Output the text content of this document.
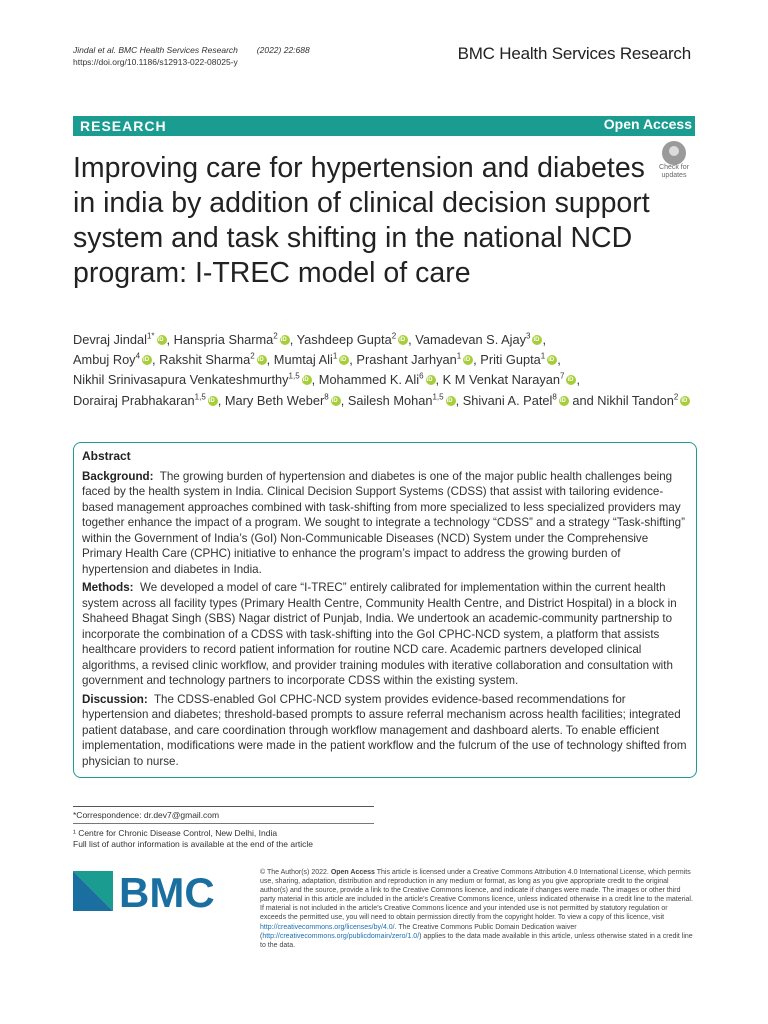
Jindal et al. BMC Health Services Research (2022) 22:688
https://doi.org/10.1186/s12913-022-08025-y	BMC Health Services Research
RESEARCH	Open Access
Improving care for hypertension and diabetes in india by addition of clinical decision support system and task shifting in the national NCD program: I-TREC model of care
Check for
updates
Devraj Jindal$^{1*}$ iD , Hanspria Sharma$^2$ iD , Yashdeep Gupta$^2$ iD , Vamadevan S. Ajay$^3$ iD ,
Ambuj Roy$^4$ iD , Rakshit Sharma$^2$ iD , Mumtaj Ali$^1$ iD , Prashant Jarhyan$^1$ iD , Priti Gupta$^1$ iD ,
Nikhil Srinivasapura Venkateshmurthy$^{1,5}$ iD , Mohammed K. Ali$^6$ iD , K M Venkat Narayan$^7$ iD ,
Dorairaj Prabhakaran$^{1,5}$ iD , Mary Beth Weber$^8$ iD , Sailesh Mohan$^{1,5}$ iD , Shivani A. Patel$^8$iD and Nikhil Tandon$^2$iD
Abstract

Background: The growing burden of hypertension and diabetes is one of the major public health challenges being faced by the health system in India. Clinical Decision Support Systems (CDSS) that assist with tailoring evidence-based management approaches combined with task-shifting from more specialized to less specialized providers may together enhance the impact of a program. We sought to integrate a technology “CDSS” and a strategy “Task-shifting” within the Government of India’s (GoI) Non-Communicable Diseases (NCD) System under the Comprehensive Primary Health Care (CPHC) initiative to enhance the program’s impact to address the growing burden of hypertension and diabetes in India.

Methods: We developed a model of care “I-TREC” entirely calibrated for implementation within the current health system across all facility types (Primary Health Centre, Community Health Centre, and District Hospital) in a block in Shaheed Bhagat Singh (SBS) Nagar district of Punjab, India. We undertook an academic-community partnership to incorporate the combination of a CDSS with task-shifting into the GoI CPHC-NCD system, a platform that assists healthcare providers to record patient information for routine NCD care. Academic partners developed clinical algorithms, a revised clinic workflow, and provider training modules with iterative collaboration and consultation with government and technology partners to incorporate CDSS within the existing system.

Discussion: The CDSS-enabled GoI CPHC-NCD system provides evidence-based recommendations for hypertension and diabetes; threshold-based prompts to assure referral mechanism across health facilities; integrated patient database, and care coordination through workflow management and dashboard alerts. To enable efficient implementation, modifications were made in the patient workflow and the fulcrum of the use of technology shifted from physician to nurse.

*Correspondence: dr.dev7@gmail.com
¹ Centre for Chronic Disease Control, New Delhi, India
Full list of author information is available at the end of the article
BMC	© The Author(s) 2022. Open Access This article is licensed under a Creative Commons Attribution 4.0 International License, which permits use, sharing, adaptation, distribution and reproduction in any medium or format, as long as you give appropriate credit to the original author(s) and the source, provide a link to the Creative Commons licence, and indicate if changes were made. The images or other third party material in this article are included in the article’s Creative Commons licence, unless indicated otherwise in a credit line to the material. If material is not included in the article’s Creative Commons licence and your intended use is not permitted by statutory regulation or exceeds the permitted use, you will need to obtain permission directly from the copyright holder. To view a copy of this licence, visit http://creativecommons.org/licenses/by/4.0/. The Creative Commons Public Domain Dedication waiver (http://creativecommons.org/publicdomain/zero/1.0/) applies to the data made available in this article, unless otherwise stated in a credit line to the data.
